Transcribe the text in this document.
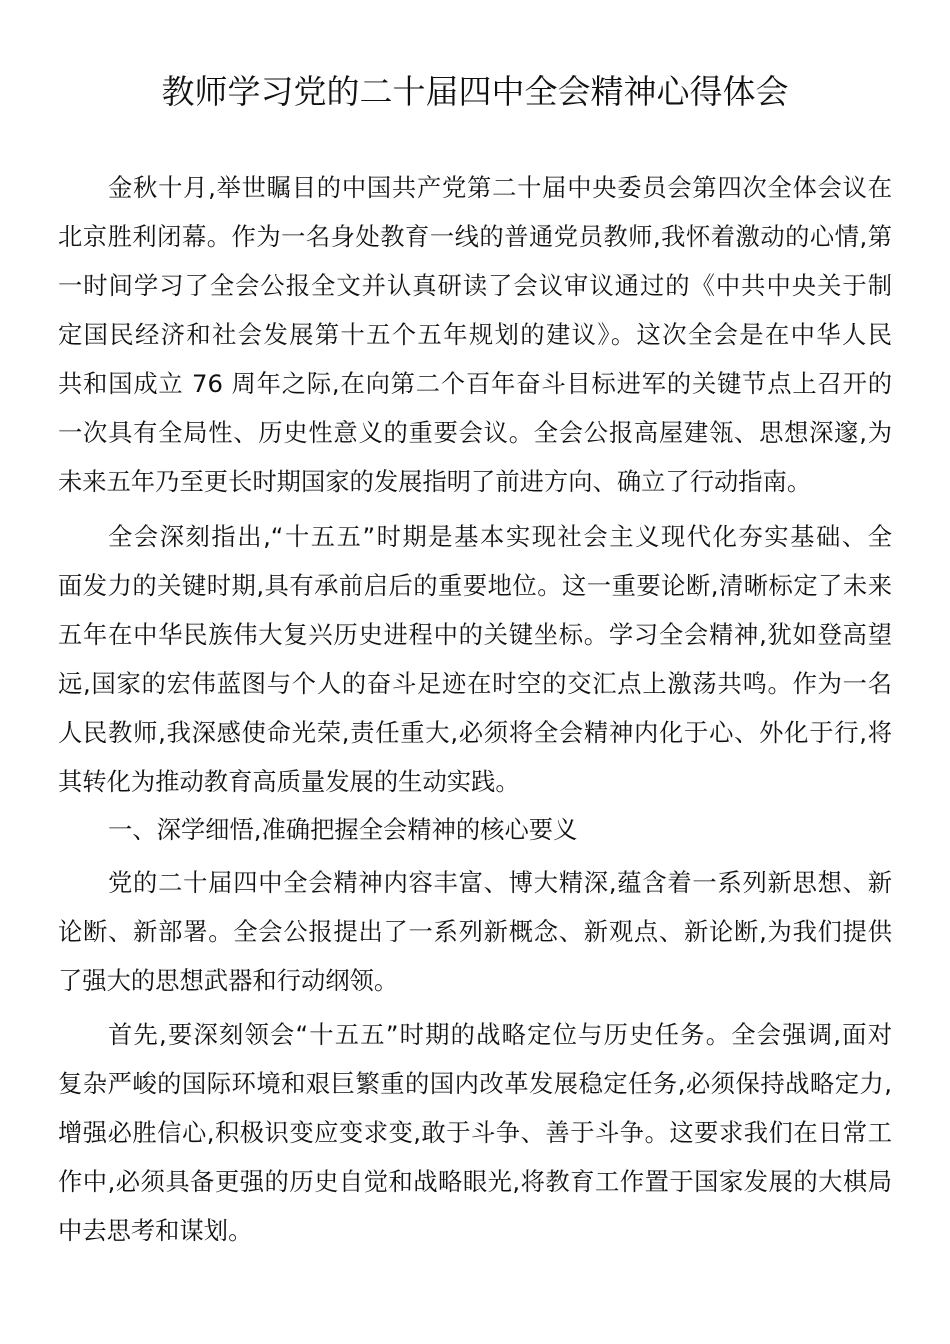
教师学习党的二十届四中全会精神心得体会
金秋十月,举世瞩目的中国共产党第二十届中央委员会第四次全体会议在
北京胜利闭幕。作为一名身处教育一线的普通党员教师,我怀着激动的心情,第
一时间学习了全会公报全文并认真研读了会议审议通过的《中共中央关于制
定国民经济和社会发展第十五个五年规划的建议》。这次全会是在中华人民
共和国成立 76 周年之际,在向第二个百年奋斗目标进军的关键节点上召开的
一次具有全局性、历史性意义的重要会议。全会公报高屋建瓴、思想深邃,为
未来五年乃至更长时期国家的发展指明了前进方向、确立了行动指南。
全会深刻指出,“十五五”时期是基本实现社会主义现代化夯实基础、全
面发力的关键时期,具有承前启后的重要地位。这一重要论断,清晰标定了未来
五年在中华民族伟大复兴历史进程中的关键坐标。学习全会精神,犹如登高望
远,国家的宏伟蓝图与个人的奋斗足迹在时空的交汇点上激荡共鸣。作为一名
人民教师,我深感使命光荣,责任重大,必须将全会精神内化于心、外化于行,将
其转化为推动教育高质量发展的生动实践。
一、深学细悟,准确把握全会精神的核心要义
党的二十届四中全会精神内容丰富、博大精深,蕴含着一系列新思想、新
论断、新部署。全会公报提出了一系列新概念、新观点、新论断,为我们提供
了强大的思想武器和行动纲领。
首先,要深刻领会“十五五”时期的战略定位与历史任务。全会强调,面对
复杂严峻的国际环境和艰巨繁重的国内改革发展稳定任务,必须保持战略定力,
增强必胜信心,积极识变应变求变,敢于斗争、善于斗争。这要求我们在日常工
作中,必须具备更强的历史自觉和战略眼光,将教育工作置于国家发展的大棋局
中去思考和谋划。
